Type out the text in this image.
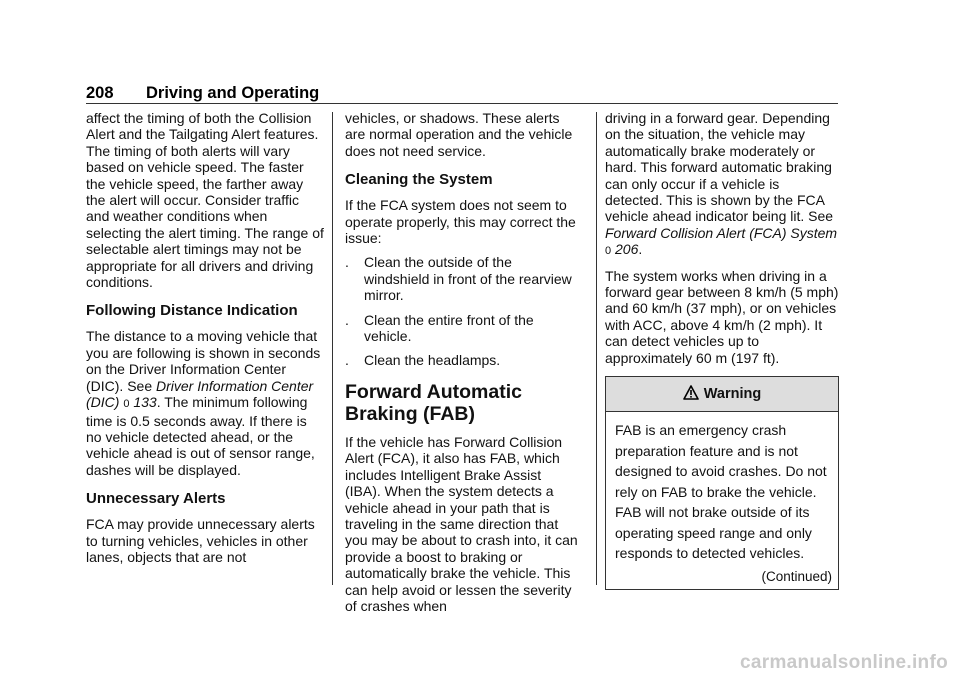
208 Driving and Operating

affect the timing of both the Collision Alert and the Tailgating Alert features. The timing of both alerts will vary based on vehicle speed. The faster the vehicle speed, the farther away the alert will occur. Consider traffic and weather conditions when selecting the alert timing. The range of selectable alert timings may not be appropriate for all drivers and driving conditions.

Following Distance Indication

The distance to a moving vehicle that you are following is shown in seconds on the Driver Information Center (DIC). See Driver Information Center (DIC) 0 133. The minimum following time is 0.5 seconds away. If there is no vehicle detected ahead, or the vehicle ahead is out of sensor range, dashes will be displayed.

Unnecessary Alerts

FCA may provide unnecessary alerts to turning vehicles, vehicles in other lanes, objects that are not

vehicles, or shadows. These alerts are normal operation and the vehicle does not need service.

Cleaning the System

If the FCA system does not seem to operate properly, this may correct the issue:

. Clean the outside of the windshield in front of the rearview mirror.
. Clean the entire front of the vehicle.
. Clean the headlamps.
Forward Automatic Braking (FAB)

If the vehicle has Forward Collision Alert (FCA), it also has FAB, which includes Intelligent Brake Assist (IBA). When the system detects a vehicle ahead in your path that is traveling in the same direction that you may be about to crash into, it can provide a boost to braking or automatically brake the vehicle. This can help avoid or lessen the severity of crashes when

driving in a forward gear. Depending on the situation, the vehicle may automatically brake moderately or hard. This forward automatic braking can only occur if a vehicle is detected. This is shown by the FCA vehicle ahead indicator being lit. See Forward Collision Alert (FCA) System 0 206.

The system works when driving in a forward gear between 8 km/h (5 mph) and 60 km/h (37 mph), or on vehicles with ACC, above 4 km/h (2 mph). It can detect vehicles up to approximately 60 m (197 ft).

Warning
FAB is an emergency crash preparation feature and is not designed to avoid crashes. Do not rely on FAB to brake the vehicle. FAB will not brake outside of its operating speed range and only responds to detected vehicles.
(Continued)
carmanualsonline.info
